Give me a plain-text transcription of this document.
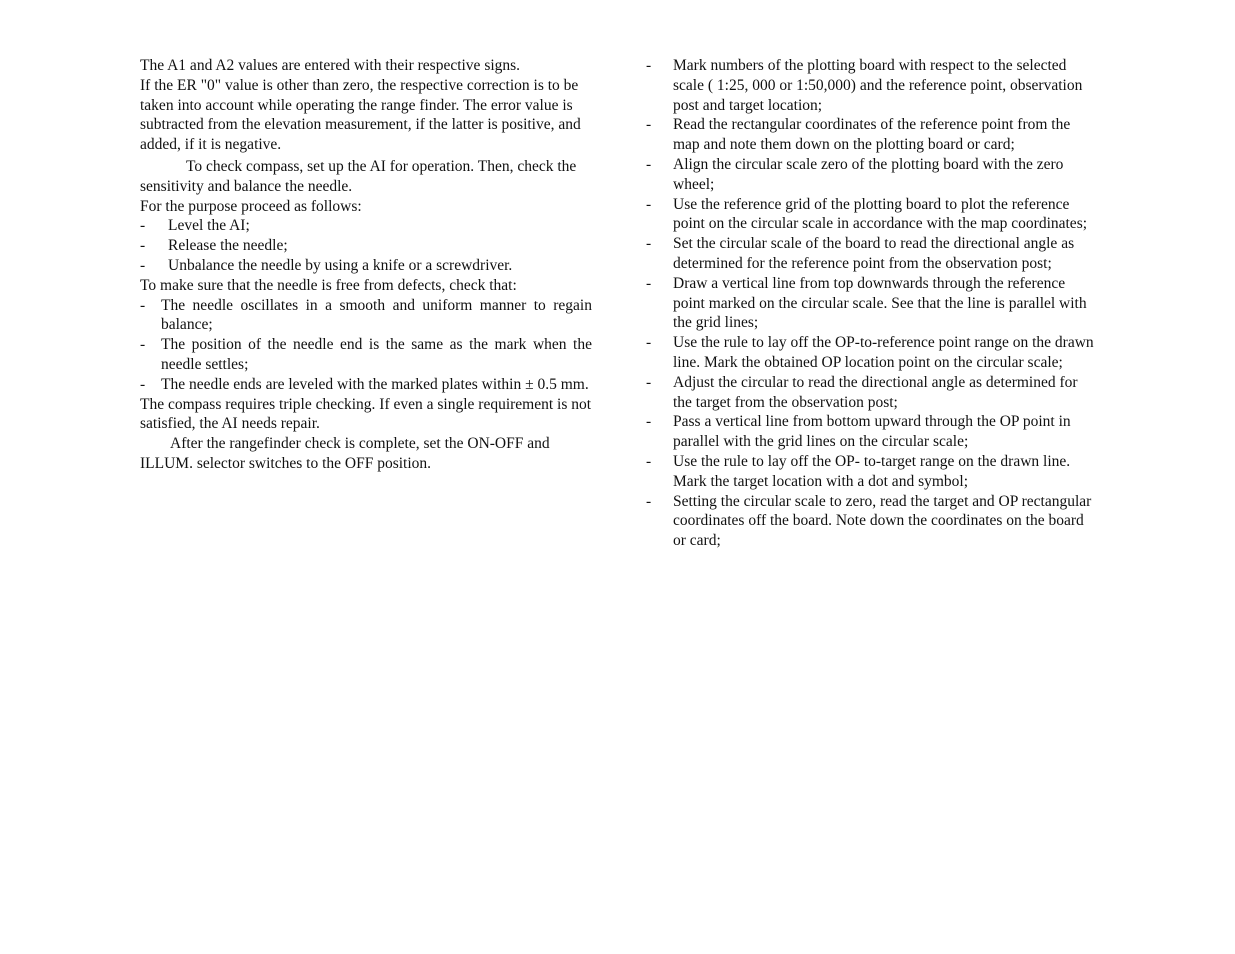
The A1 and A2 values are entered with their respective signs.

If the ER "0" value is other than zero, the respective correction is to be taken into account while operating the range finder. The error value is subtracted from the elevation measurement, if the latter is positive, and added, if it is negative.

To check compass, set up the AI for operation. Then, check the sensitivity and balance the needle.

For the purpose proceed as follows:

- Level the AI;
- Release the needle;
- Unbalance the needle by using a knife or a screwdriver.

To make sure that the needle is free from defects, check that:

- The needle oscillates in a smooth and uniform manner to regain balance;
- The position of the needle end is the same as the mark when the needle settles;
- The needle ends are leveled with the marked plates within ± 0.5 mm.

The compass requires triple checking. If even a single requirement is not satisfied, the AI needs repair.

After the rangefinder check is complete, set the ON-OFF and ILLUM. selector switches to the OFF position.

- Mark numbers of the plotting board with respect to the selected scale ( 1:25, 000 or 1:50,000) and the reference point, observation post and target location;
- Read the rectangular coordinates of the reference point from the map and note them down on the plotting board or card;
- Align the circular scale zero of the plotting board with the zero wheel;
- Use the reference grid of the plotting board to plot the reference point on the circular scale in accordance with the map coordinates;
- Set the circular scale of the board to read the directional angle as determined for the reference point from the observation post;
- Draw a vertical line from top downwards through the reference point marked on the circular scale. See that the line is parallel with the grid lines;
- Use the rule to lay off the OP-to-reference point range on the drawn line. Mark the obtained OP location point on the circular scale;
- Adjust the circular to read the directional angle as determined for the target from the observation post;
- Pass a vertical line from bottom upward through the OP point in parallel with the grid lines on the circular scale;
- Use the rule to lay off the OP- to-target range on the drawn line. Mark the target location with a dot and symbol;
- Setting the circular scale to zero, read the target and OP rectangular coordinates off the board. Note down the coordinates on the board or card;
